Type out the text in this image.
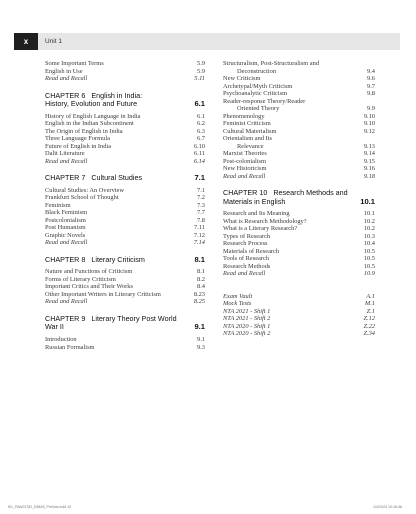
x	Unit 1
Some Important Terms	5.9
English in Use	5.9
Read and Recall	5.11
CHAPTER 6 English in India:
History, Evolution and Future	6.1
History of English Language in India	6.1
English in the Indian Subcontinent	6.2
The Origin of English in India	6.3
Three Language Formula	6.7
Future of English in India	6.10
Dalit Literature	6.11
Read and Recall	6.14
CHAPTER 7 Cultural Studies	7.1
Cultural Studies: An Overview	7.1
Frankfurt School of Thought	7.2
Feminism	7.3
Black Feminism	7.7
Postcolonialism	7.8
Post Humanism	7.11
Graphic Novels	7.12
Read and Recall	7.14
CHAPTER 8 Literary Criticism	8.1
Nature and Functions of Criticism	8.1
Forms of Literary Criticism	8.2
Important Critics and Their Works	8.4
Other Important Writers in Literary Criticism	8.23
Read and Recall	8.25
CHAPTER 9 Literary Theory Post World War II	9.1
Introduction	9.1
Russian Formalism	9.3
Structuralism, Post-Structuralism and
Deconstruction	9.4
New Criticism	9.6
Archetypal/Myth Criticism	9.7
Psychoanalytic Criticism	9.8
Reader-response Theory/Reader
Oriented Theory	9.9
Phenomenology	9.10
Feminist Criticism	9.10
Cultural Materialism	9.12
Orientalism and Its
Relevance	9.13
Marxist Theories	9.14
Post-colonialism	9.15
New Historicism	9.16
Read and Recall	9.18
CHAPTER 10 Research Methods and
Materials in English	10.1
Research and Its Meaning	10.1
What is Research Methodology?	10.2
What is a Literary Research?	10.2
Types of Research	10.3
Research Process	10.4
Materials of Research	10.5
Tools of Research	10.5
Research Methods	10.5
Read and Recall	10.9
Exam Vault	A.1
Mock Tests	M.1
NTA 2021 - Shift 1	Z.1
NTA 2021 - Shift 2	Z.12
NTA 2020 - Shift 1	Z.22
NTA 2020 - Shift 2	Z.34
f01_PAN23782_E8818_Prelims.indd 10	1/4/2024 10:16:48
